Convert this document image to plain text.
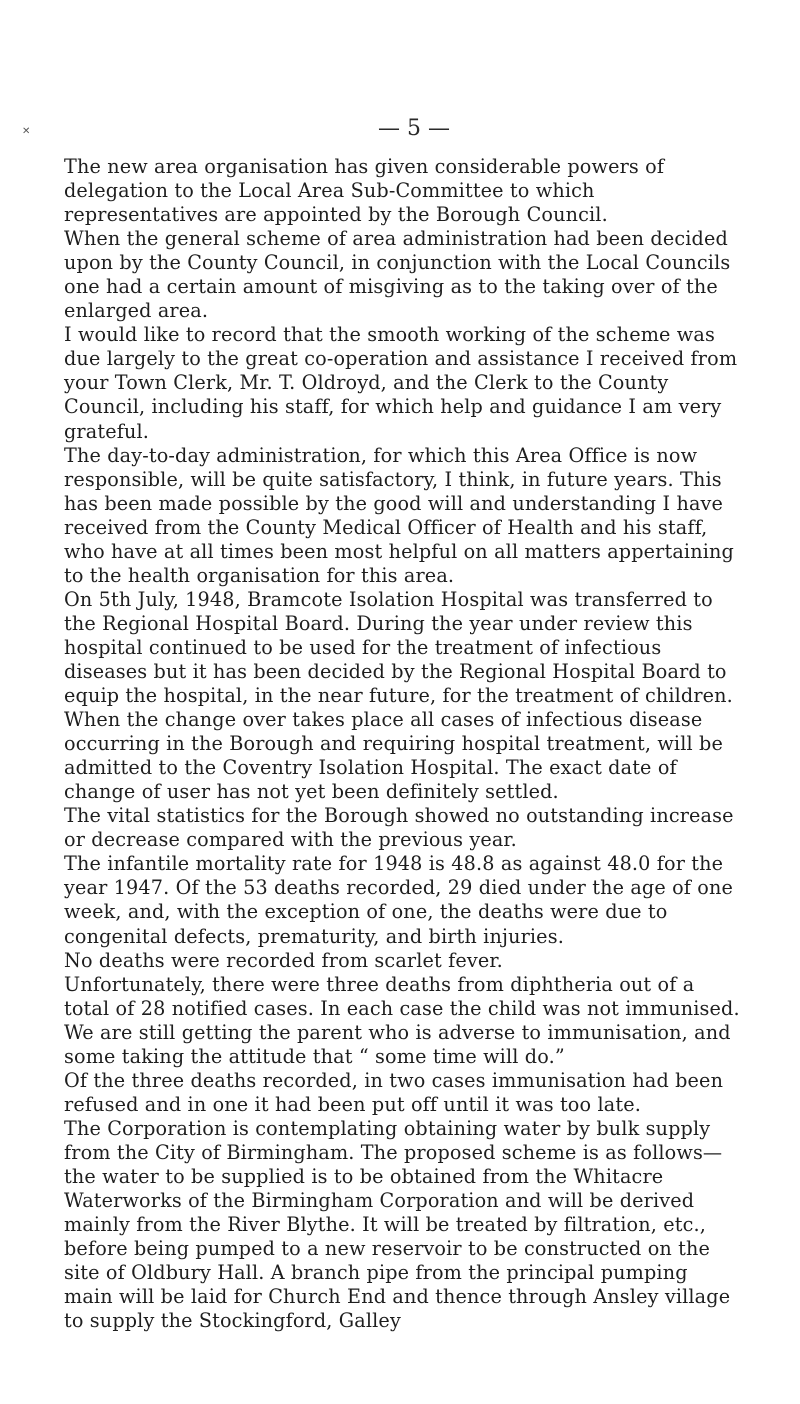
✕	— 5 —

The new area organisation has given considerable powers of delegation to the Local Area Sub-Committee to which representatives are appointed by the Borough Council.

When the general scheme of area administration had been decided upon by the County Council, in conjunction with the Local Councils one had a certain amount of misgiving as to the taking over of the enlarged area.

I would like to record that the smooth working of the scheme was due largely to the great co-operation and assistance I received from your Town Clerk, Mr. T. Oldroyd, and the Clerk to the County Council, including his staff, for which help and guidance I am very grateful.

The day-to-day administration, for which this Area Office is now responsible, will be quite satisfactory, I think, in future years. This has been made possible by the good will and understanding I have received from the County Medical Officer of Health and his staff, who have at all times been most helpful on all matters appertaining to the health organisation for this area.

On 5th July, 1948, Bramcote Isolation Hospital was transferred to the Regional Hospital Board. During the year under review this hospital continued to be used for the treatment of infectious diseases but it has been decided by the Regional Hospital Board to equip the hospital, in the near future, for the treatment of children. When the change over takes place all cases of infectious disease occurring in the Borough and requiring hospital treatment, will be admitted to the Coventry Isolation Hospital. The exact date of change of user has not yet been definitely settled.

The vital statistics for the Borough showed no outstanding increase or decrease compared with the previous year.

The infantile mortality rate for 1948 is 48.8 as against 48.0 for the year 1947. Of the 53 deaths recorded, 29 died under the age of one week, and, with the exception of one, the deaths were due to congenital defects, prematurity, and birth injuries.

No deaths were recorded from scarlet fever.

Unfortunately, there were three deaths from diphtheria out of a total of 28 notified cases. In each case the child was not immunised. We are still getting the parent who is adverse to immunisation, and some taking the attitude that “ some time will do.”

Of the three deaths recorded, in two cases immunisation had been refused and in one it had been put off until it was too late.

The Corporation is contemplating obtaining water by bulk supply from the City of Birmingham. The proposed scheme is as follows—the water to be supplied is to be obtained from the Whitacre Waterworks of the Birmingham Corporation and will be derived mainly from the River Blythe. It will be treated by filtration, etc., before being pumped to a new reservoir to be constructed on the site of Oldbury Hall. A branch pipe from the principal pumping main will be laid for Church End and thence through Ansley village to supply the Stockingford, Galley
